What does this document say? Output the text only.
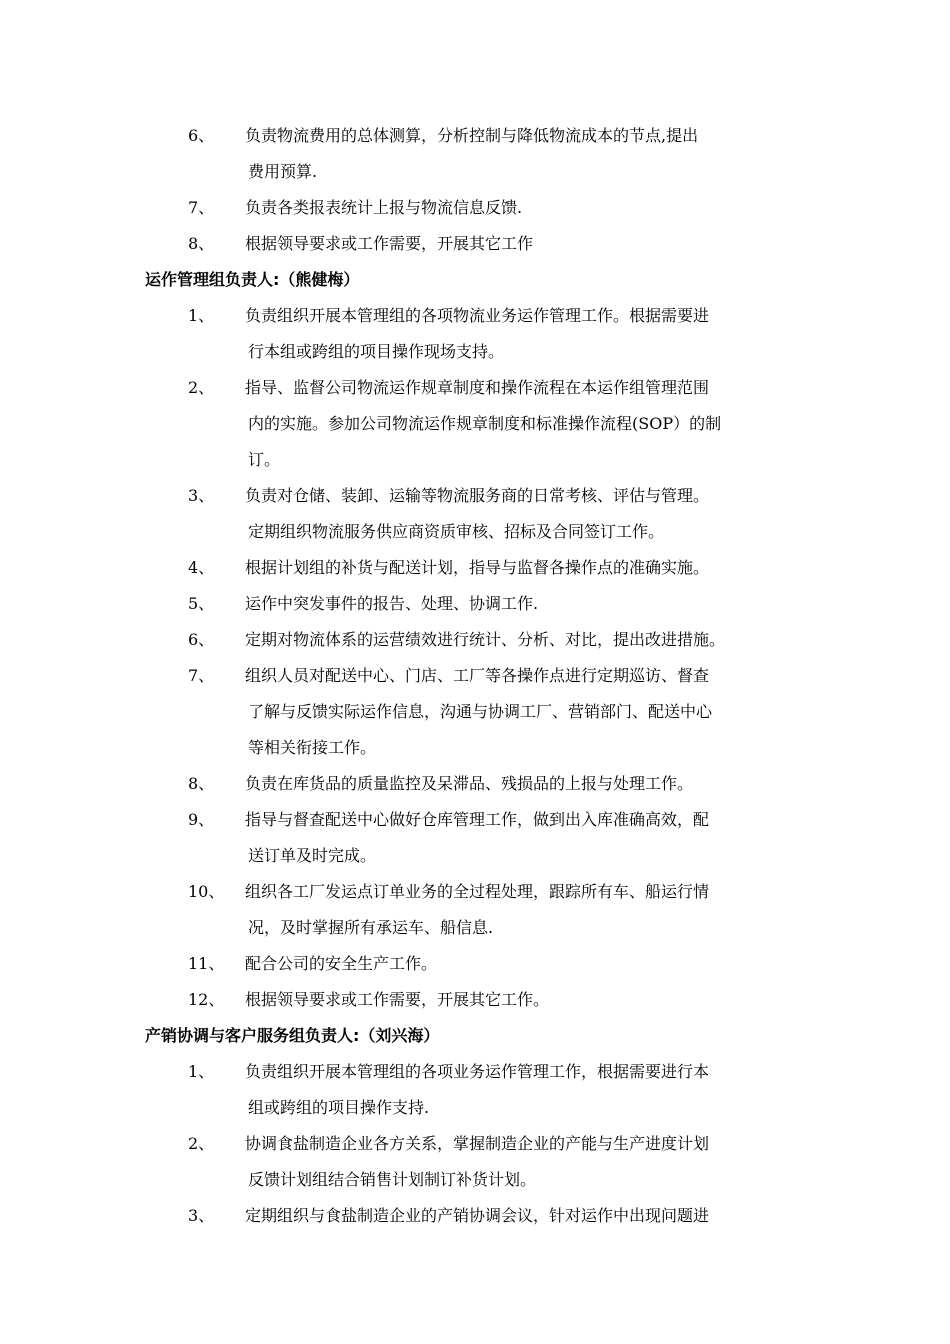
6、 负责物流费用的总体测算，分析控制与降低物流成本的节点,提出
费用预算.
7、 负责各类报表统计上报与物流信息反馈.
8、 根据领导要求或工作需要，开展其它工作
运作管理组负责人:（熊健梅）
1、 负责组织开展本管理组的各项物流业务运作管理工作。根据需要进
行本组或跨组的项目操作现场支持。
2、 指导、监督公司物流运作规章制度和操作流程在本运作组管理范围
内的实施。参加公司物流运作规章制度和标准操作流程(SOP）的制
订。
3、 负责对仓储、装卸、运输等物流服务商的日常考核、评估与管理。
定期组织物流服务供应商资质审核、招标及合同签订工作。
4、 根据计划组的补货与配送计划，指导与监督各操作点的准确实施。
5、 运作中突发事件的报告、处理、协调工作.
6、 定期对物流体系的运营绩效进行统计、分析、对比，提出改进措施。
7、 组织人员对配送中心、门店、工厂等各操作点进行定期巡访、督查
了解与反馈实际运作信息，沟通与协调工厂、营销部门、配送中心
等相关衔接工作。
8、 负责在库货品的质量监控及呆滞品、残损品的上报与处理工作。
9、 指导与督查配送中心做好仓库管理工作，做到出入库准确高效，配
送订单及时完成。
10、 组织各工厂发运点订单业务的全过程处理，跟踪所有车、船运行情
况，及时掌握所有承运车、船信息.
11、 配合公司的安全生产工作。
12、 根据领导要求或工作需要，开展其它工作。
产销协调与客户服务组负责人:（刘兴海）
1、 负责组织开展本管理组的各项业务运作管理工作，根据需要进行本
组或跨组的项目操作支持.
2、 协调食盐制造企业各方关系，掌握制造企业的产能与生产进度计划
反馈计划组结合销售计划制订补货计划。
3、 定期组织与食盐制造企业的产销协调会议，针对运作中出现问题进
